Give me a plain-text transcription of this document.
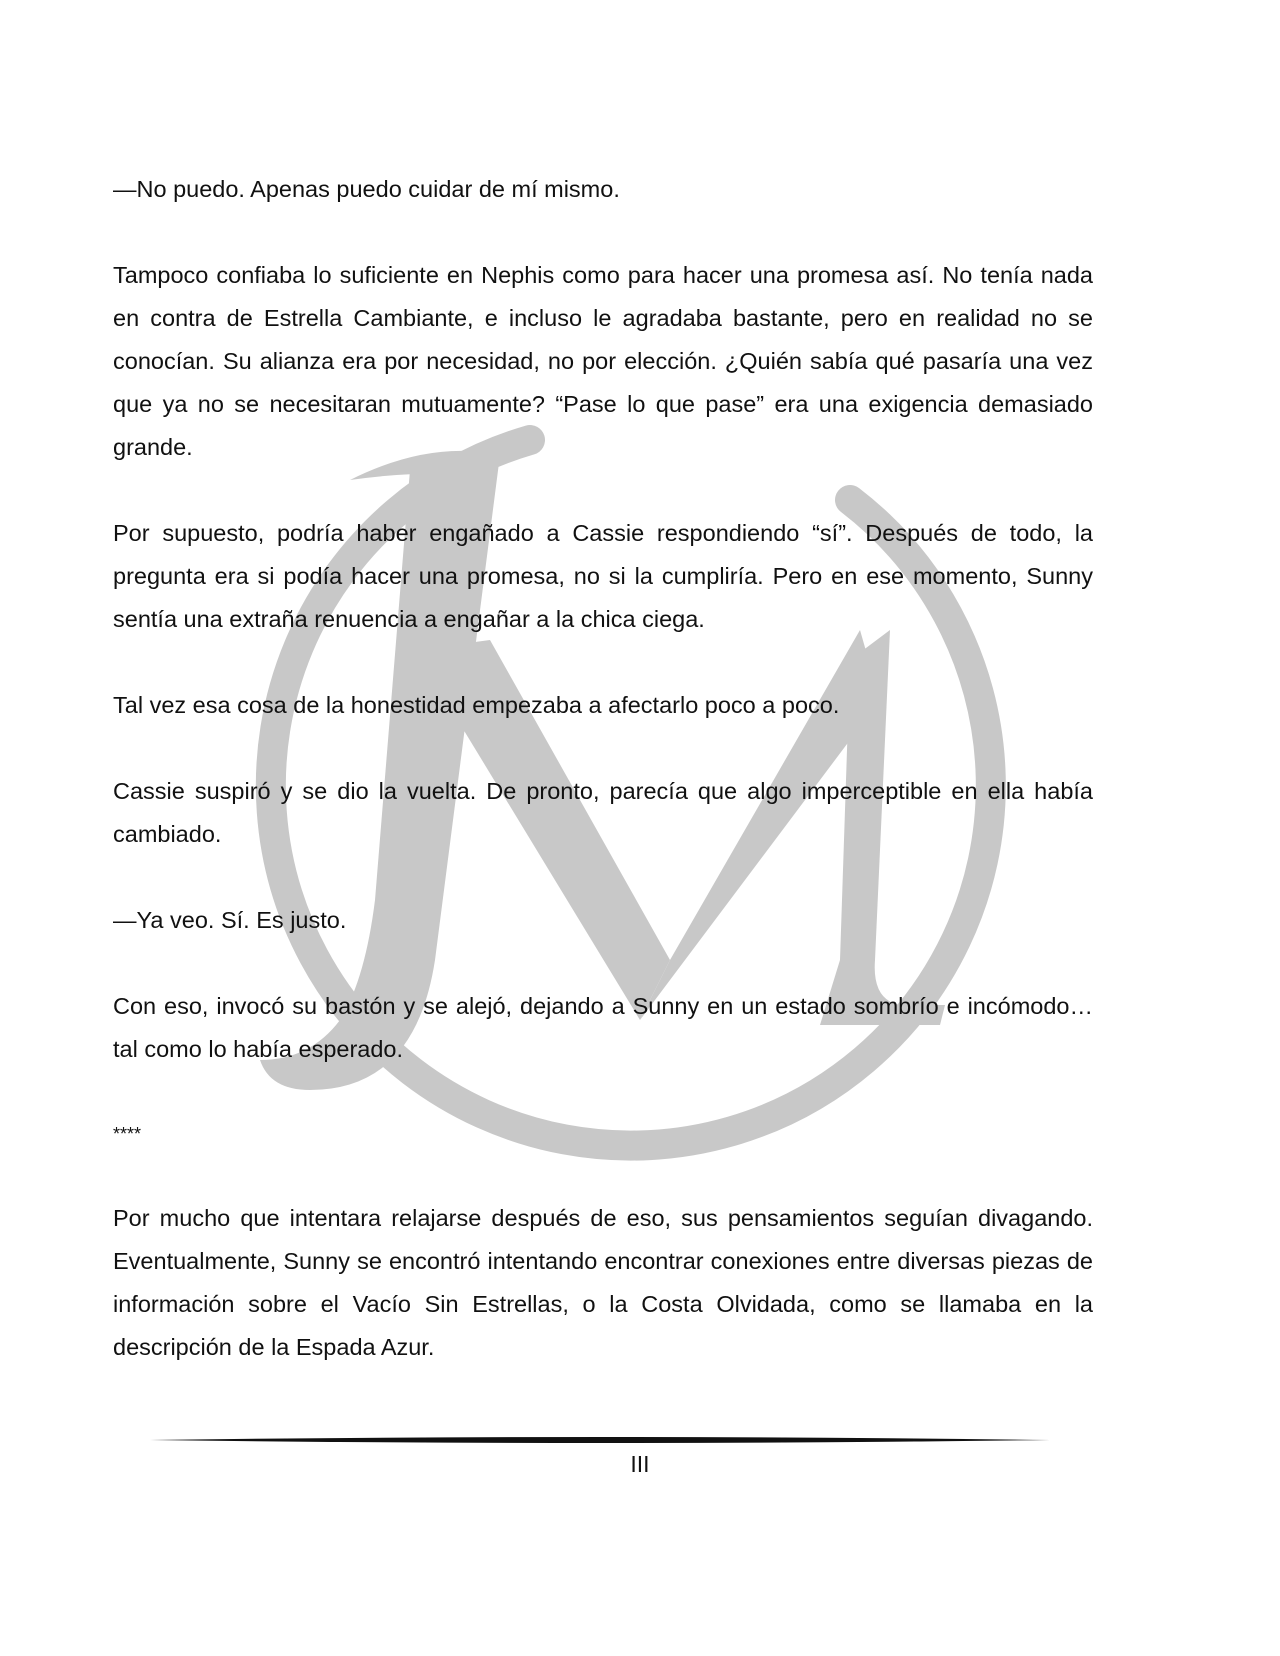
—No puedo. Apenas puedo cuidar de mí mismo.

Tampoco confiaba lo suficiente en Nephis como para hacer una promesa así. No tenía nada en contra de Estrella Cambiante, e incluso le agradaba bastante, pero en realidad no se conocían. Su alianza era por necesidad, no por elección. ¿Quién sabía qué pasaría una vez que ya no se necesitaran mutuamente? “Pase lo que pase” era una exigencia demasiado grande.

Por supuesto, podría haber engañado a Cassie respondiendo “sí”. Después de todo, la pregunta era si podía hacer una promesa, no si la cumpliría. Pero en ese momento, Sunny sentía una extraña renuencia a engañar a la chica ciega.

Tal vez esa cosa de la honestidad empezaba a afectarlo poco a poco.

Cassie suspiró y se dio la vuelta. De pronto, parecía que algo imperceptible en ella había cambiado.

—Ya veo. Sí. Es justo.

Con eso, invocó su bastón y se alejó, dejando a Sunny en un estado sombrío e incómodo… tal como lo había esperado.

****

Por mucho que intentara relajarse después de eso, sus pensamientos seguían divagando. Eventualmente, Sunny se encontró intentando encontrar conexiones entre diversas piezas de información sobre el Vacío Sin Estrellas, o la Costa Olvidada, como se llamaba en la descripción de la Espada Azur.

III
